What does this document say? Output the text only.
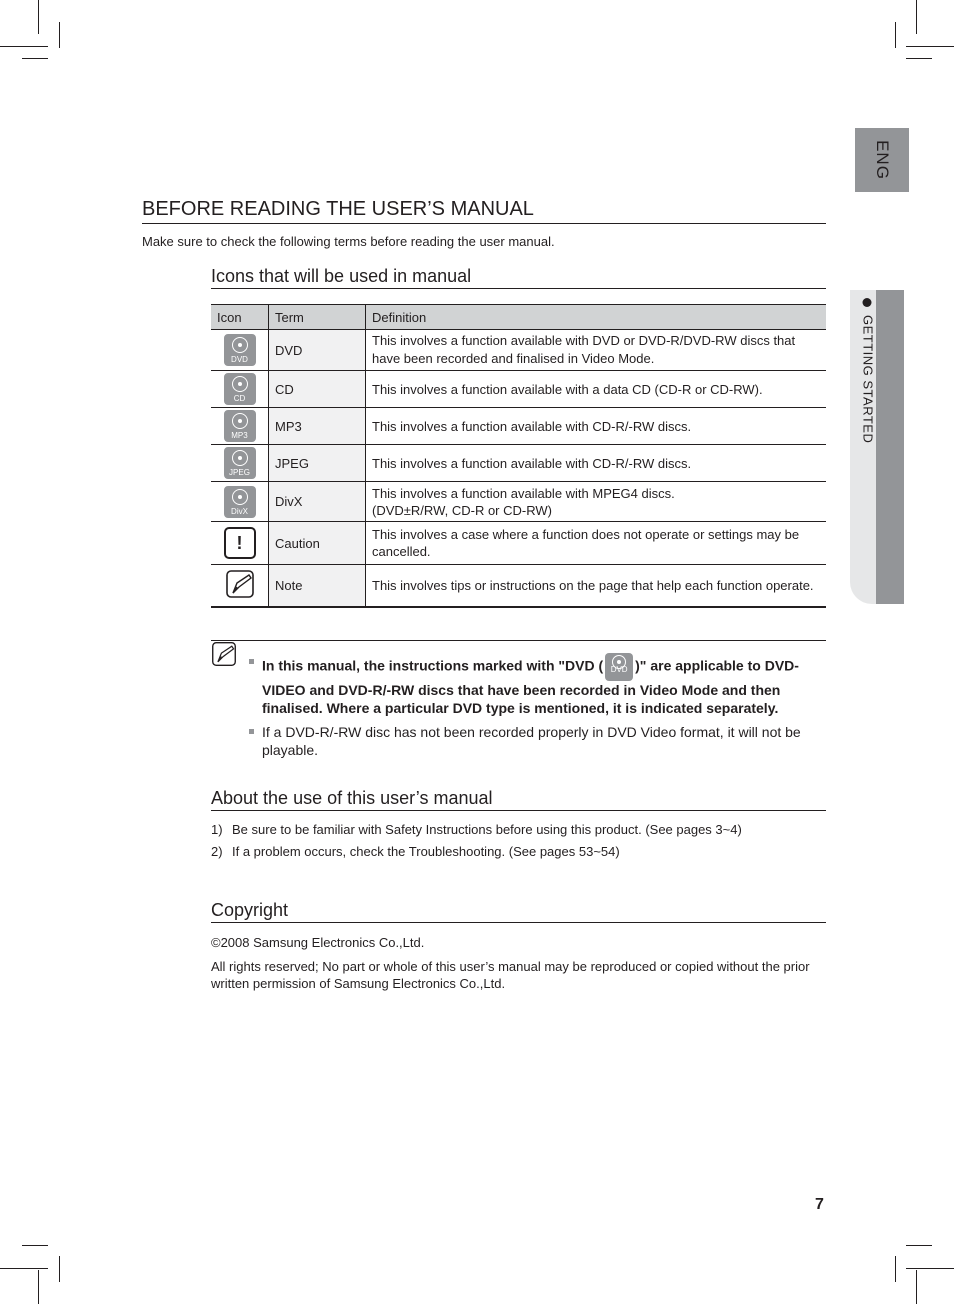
ENG
GETTING STARTED
BEFORE READING THE USER’S MANUAL
Make sure to check the following terms before reading the user manual.
Icons that will be used in manual
Icon	Term	Definition

DVD	DVD	This involves a function available with DVD or DVD-R/DVD-RW discs that have been recorded and finalised in Video Mode.

CD	CD	This involves a function available with a data CD (CD-R or CD-RW).

MP3	MP3	This involves a function available with CD-R/-RW discs.

JPEG	JPEG	This involves a function available with CD-R/-RW discs.

DivX	DivX	This involves a function available with MPEG4 discs.
(DVD±R/RW, CD-R or CD-RW)

!	Caution	This involves a case where a function does not operate or settings may be cancelled.
	Note	This involves tips or instructions on the page that help each function operate.
In this manual, the instructions marked with "DVD ( DVD )" are applicable to DVD-VIDEO and DVD-R/-RW discs that have been recorded in Video Mode and then finalised. Where a particular DVD type is mentioned, it is indicated separately.
If a DVD-R/-RW disc has not been recorded properly in DVD Video format, it will not be playable.
About the use of this user’s manual
1) Be sure to be familiar with Safety Instructions before using this product. (See pages 3~4)
2) If a problem occurs, check the Troubleshooting. (See pages 53~54)
Copyright

©2008 Samsung Electronics Co.,Ltd.

All rights reserved; No part or whole of this user’s manual may be reproduced or copied without the prior written permission of Samsung Electronics Co.,Ltd.

7
